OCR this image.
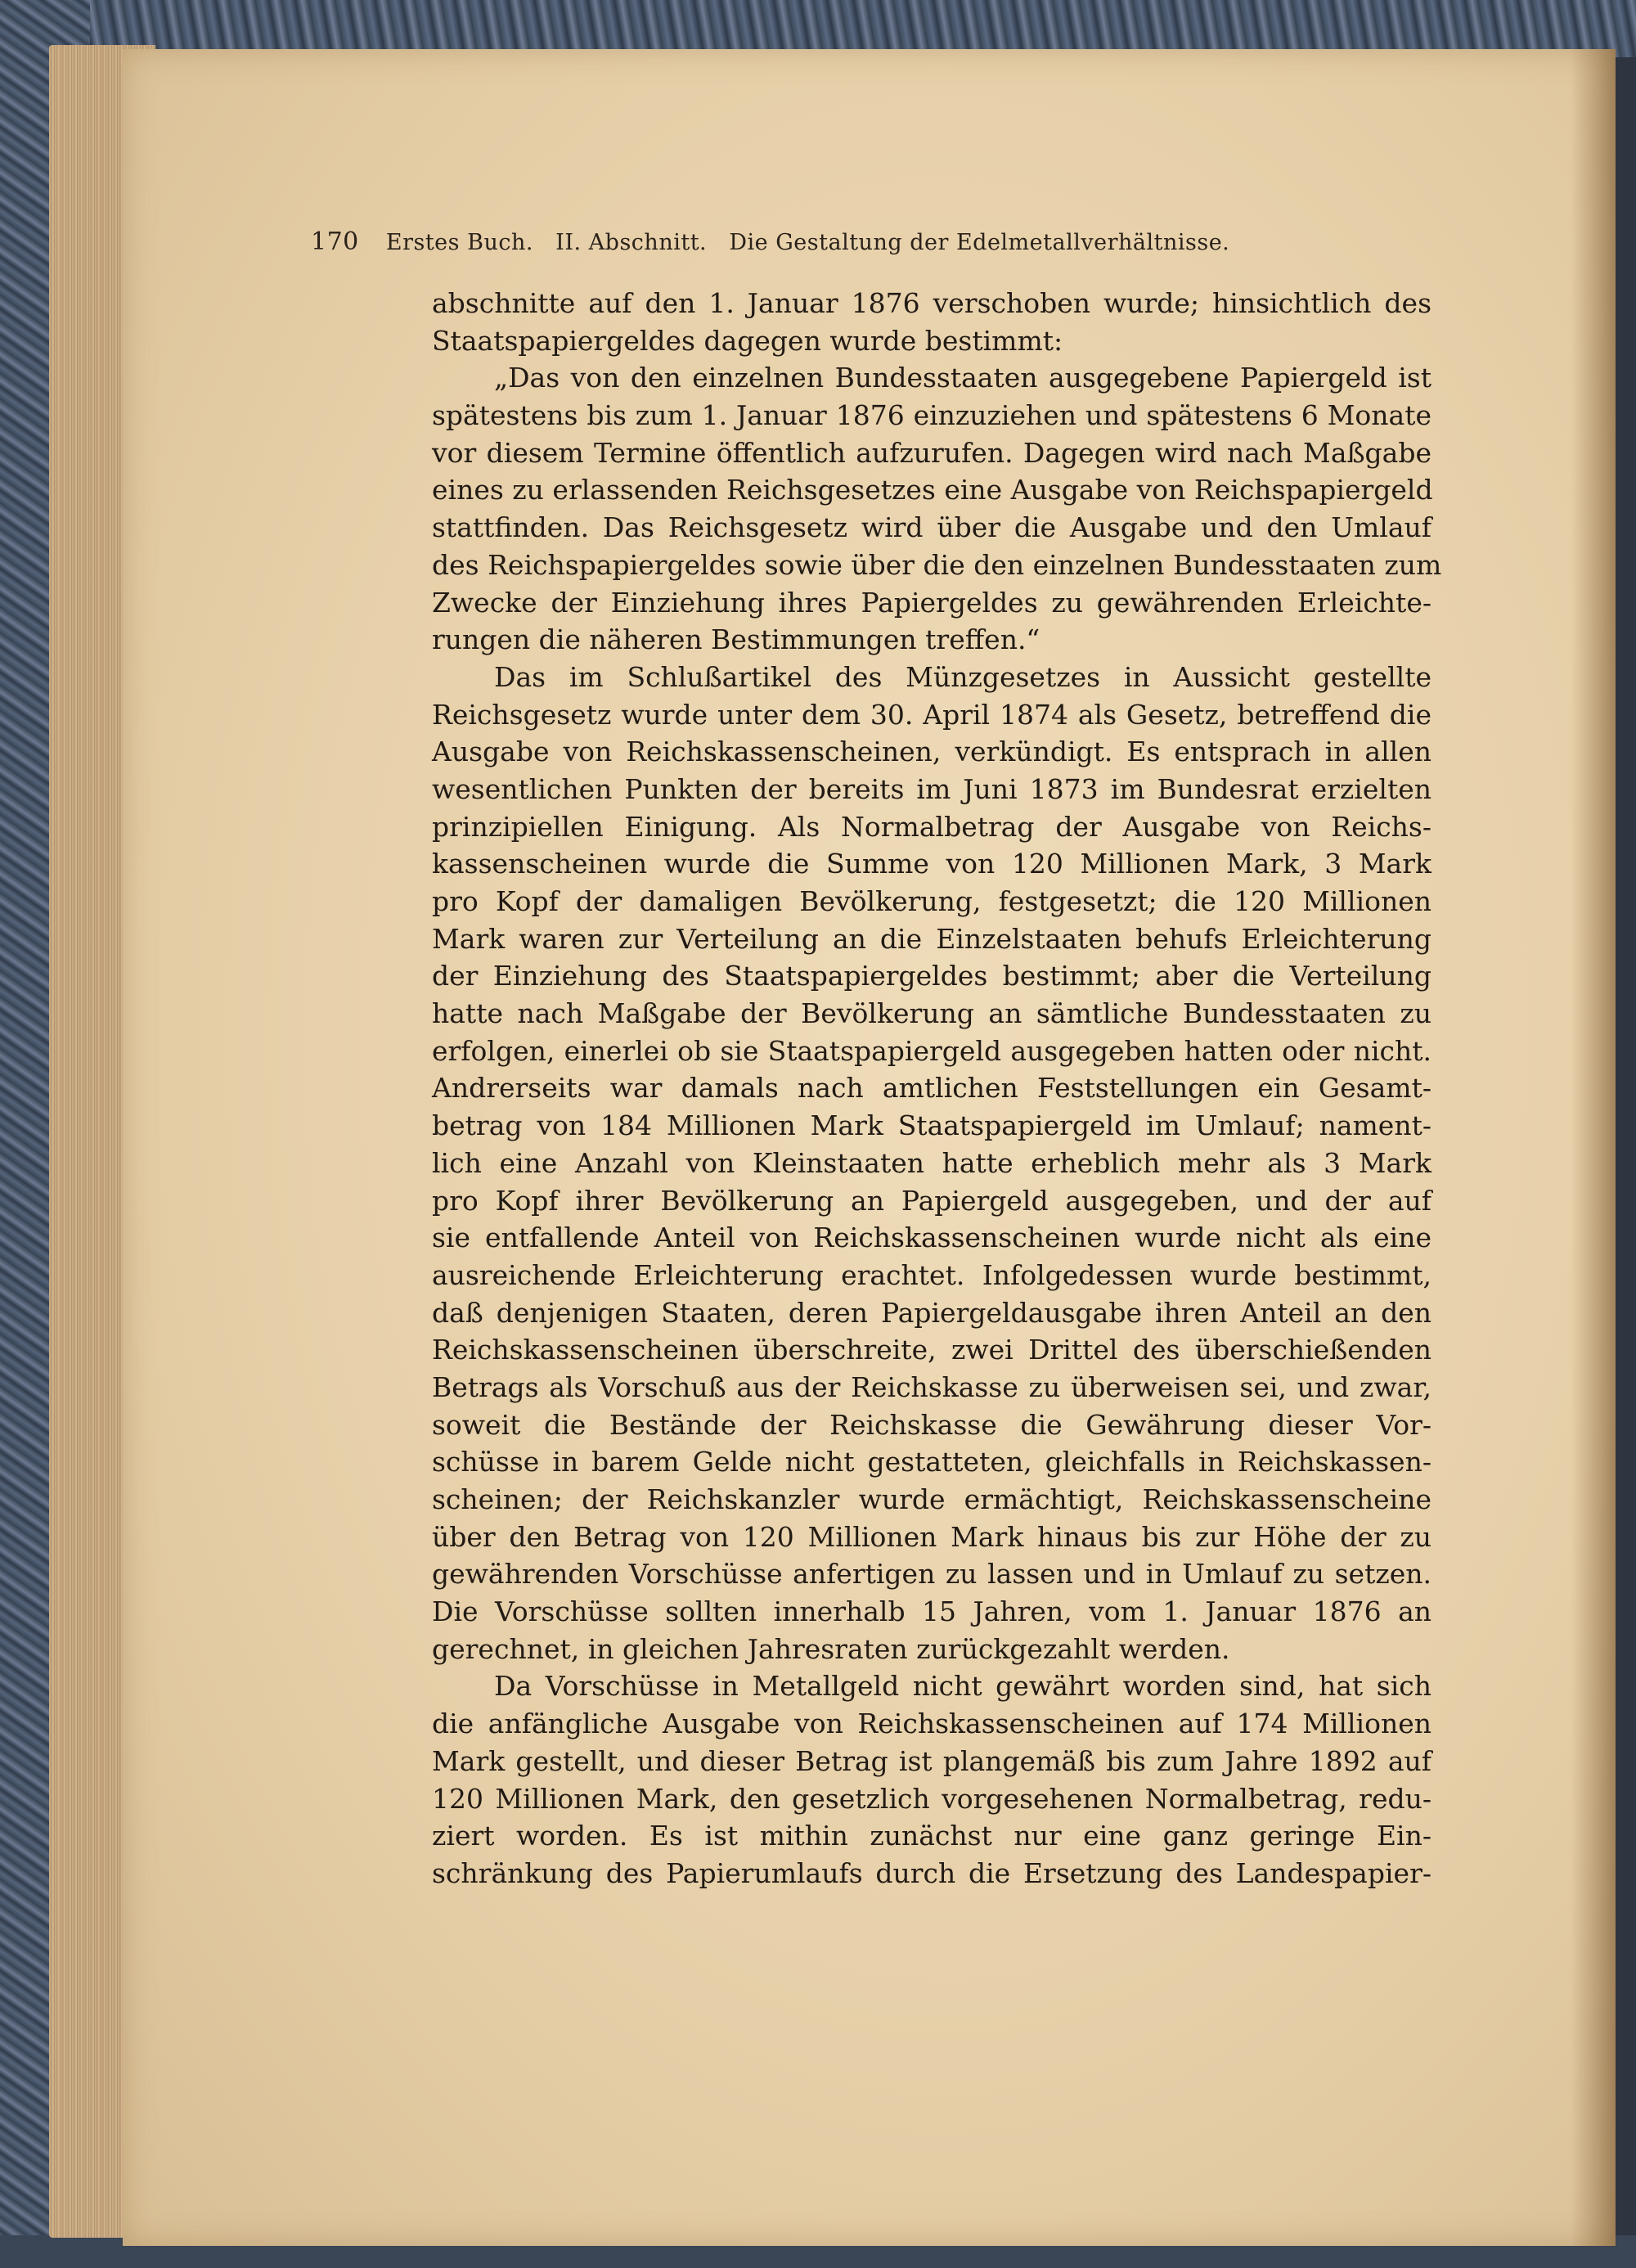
170 Erstes Buch.   II. Abschnitt.   Die Gestaltung der Edelmetallverhältnisse.
abschnitte auf den 1. Januar 1876 verschoben wurde; hinsichtlich des
Staatspapiergeldes dagegen wurde bestimmt:
„Das von den einzelnen Bundesstaaten ausgegebene Papiergeld ist
spätestens bis zum 1. Januar 1876 einzuziehen und spätestens 6 Monate
vor diesem Termine öffentlich aufzurufen. Dagegen wird nach Maßgabe
eines zu erlassenden Reichsgesetzes eine Ausgabe von Reichspapiergeld
stattfinden. Das Reichsgesetz wird über die Ausgabe und den Umlauf
des Reichspapiergeldes sowie über die den einzelnen Bundesstaaten zum
Zwecke der Einziehung ihres Papiergeldes zu gewährenden Erleichte-
rungen die näheren Bestimmungen treffen.“
Das im Schlußartikel des Münzgesetzes in Aussicht gestellte
Reichsgesetz wurde unter dem 30. April 1874 als Gesetz, betreffend die
Ausgabe von Reichskassenscheinen, verkündigt. Es entsprach in allen
wesentlichen Punkten der bereits im Juni 1873 im Bundesrat erzielten
prinzipiellen Einigung. Als Normalbetrag der Ausgabe von Reichs-
kassenscheinen wurde die Summe von 120 Millionen Mark, 3 Mark
pro Kopf der damaligen Bevölkerung, festgesetzt; die 120 Millionen
Mark waren zur Verteilung an die Einzelstaaten behufs Erleichterung
der Einziehung des Staatspapiergeldes bestimmt; aber die Verteilung
hatte nach Maßgabe der Bevölkerung an sämtliche Bundesstaaten zu
erfolgen, einerlei ob sie Staatspapiergeld ausgegeben hatten oder nicht.
Andrerseits war damals nach amtlichen Feststellungen ein Gesamt-
betrag von 184 Millionen Mark Staatspapiergeld im Umlauf; nament-
lich eine Anzahl von Kleinstaaten hatte erheblich mehr als 3 Mark
pro Kopf ihrer Bevölkerung an Papiergeld ausgegeben, und der auf
sie entfallende Anteil von Reichskassenscheinen wurde nicht als eine
ausreichende Erleichterung erachtet. Infolgedessen wurde bestimmt,
daß denjenigen Staaten, deren Papiergeldausgabe ihren Anteil an den
Reichskassenscheinen überschreite, zwei Drittel des überschießenden
Betrags als Vorschuß aus der Reichskasse zu überweisen sei, und zwar,
soweit die Bestände der Reichskasse die Gewährung dieser Vor-
schüsse in barem Gelde nicht gestatteten, gleichfalls in Reichskassen-
scheinen; der Reichskanzler wurde ermächtigt, Reichskassenscheine
über den Betrag von 120 Millionen Mark hinaus bis zur Höhe der zu
gewährenden Vorschüsse anfertigen zu lassen und in Umlauf zu setzen.
Die Vorschüsse sollten innerhalb 15 Jahren, vom 1. Januar 1876 an
gerechnet, in gleichen Jahresraten zurückgezahlt werden.
Da Vorschüsse in Metallgeld nicht gewährt worden sind, hat sich
die anfängliche Ausgabe von Reichskassenscheinen auf 174 Millionen
Mark gestellt, und dieser Betrag ist plangemäß bis zum Jahre 1892 auf
120 Millionen Mark, den gesetzlich vorgesehenen Normalbetrag, redu-
ziert worden. Es ist mithin zunächst nur eine ganz geringe Ein-
schränkung des Papierumlaufs durch die Ersetzung des Landespapier-
